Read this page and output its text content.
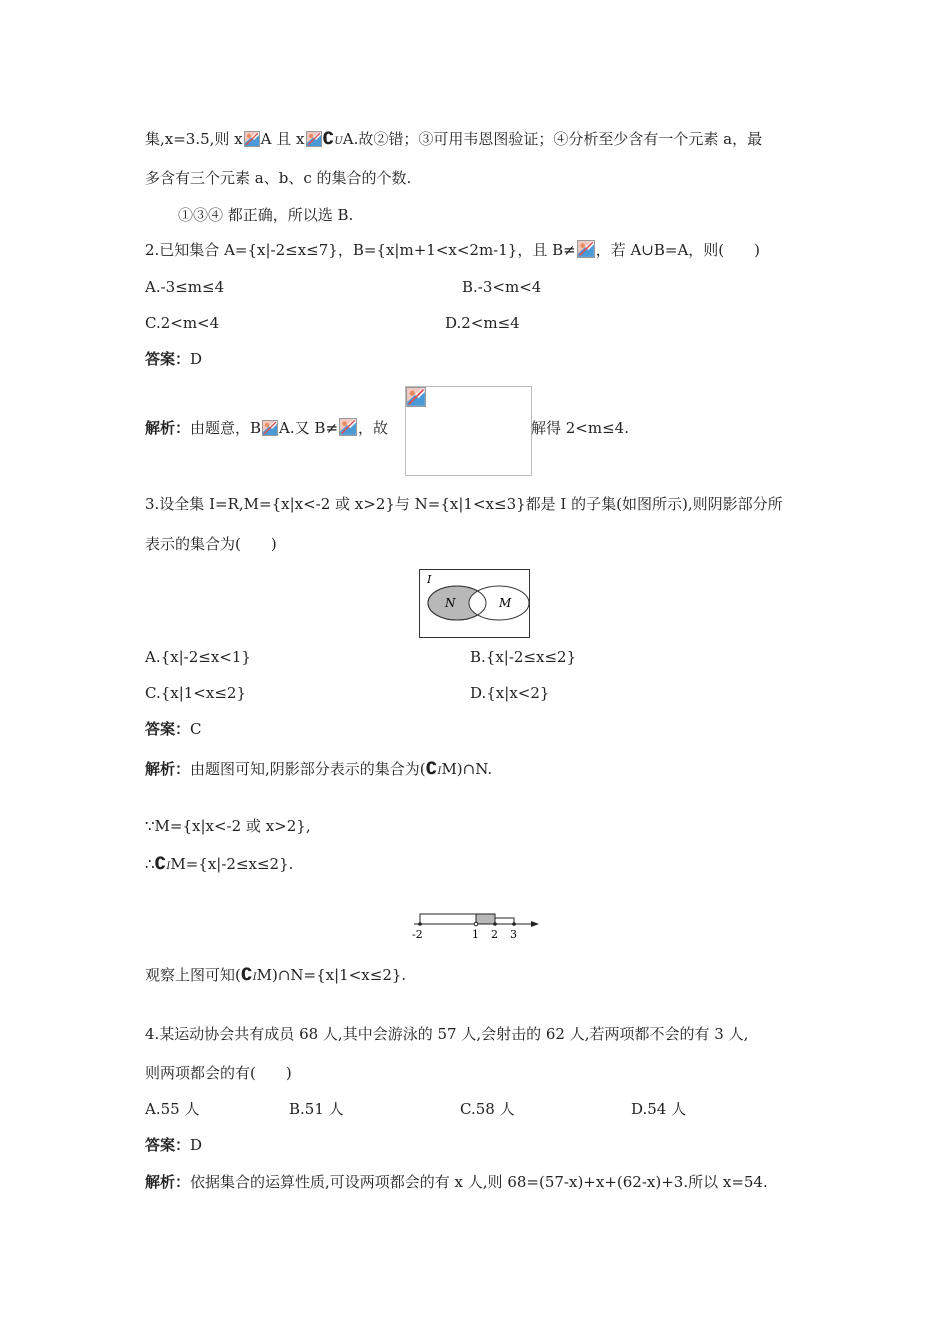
集,x=3.5,则 x A 且 x ∁UA.故②错；③可用韦恩图验证；④分析至少含有一个元素 a，最
多含有三个元素 a、b、c 的集合的个数.
①③④ 都正确，所以选 B.
2.已知集合 A={x|-2≤x≤7}，B={x|m+1<x<2m-1}，且 B≠ ，若 A∪B=A，则(　　)
A.-3≤m≤4	B.-3<m<4
C.2<m<4	D.2<m≤4
答案：D
解析：由题意，B A.又 B≠ ，故	解得 2<m≤4.
3.设全集 I=R,M={x|x<-2 或 x>2}与 N={x|1<x≤3}都是 I 的子集(如图所示),则阴影部分所
表示的集合为(　　)
I
N	M
A.{x|-2≤x<1}	B.{x|-2≤x≤2}
C.{x|1<x≤2}	D.{x|x<2}
答案：C
解析：由题图可知,阴影部分表示的集合为(∁IM)∩N.
∵M={x|x<-2 或 x>2},
∴∁IM={x|-2≤x≤2}.
-2	1 2 3
观察上图可知(∁IM)∩N={x|1<x≤2}.
4.某运动协会共有成员 68 人,其中会游泳的 57 人,会射击的 62 人,若两项都不会的有 3 人,
则两项都会的有(　　)
A.55 人	B.51 人	C.58 人	D.54 人
答案：D
解析：依据集合的运算性质,可设两项都会的有 x 人,则 68=(57-x)+x+(62-x)+3.所以 x=54.
